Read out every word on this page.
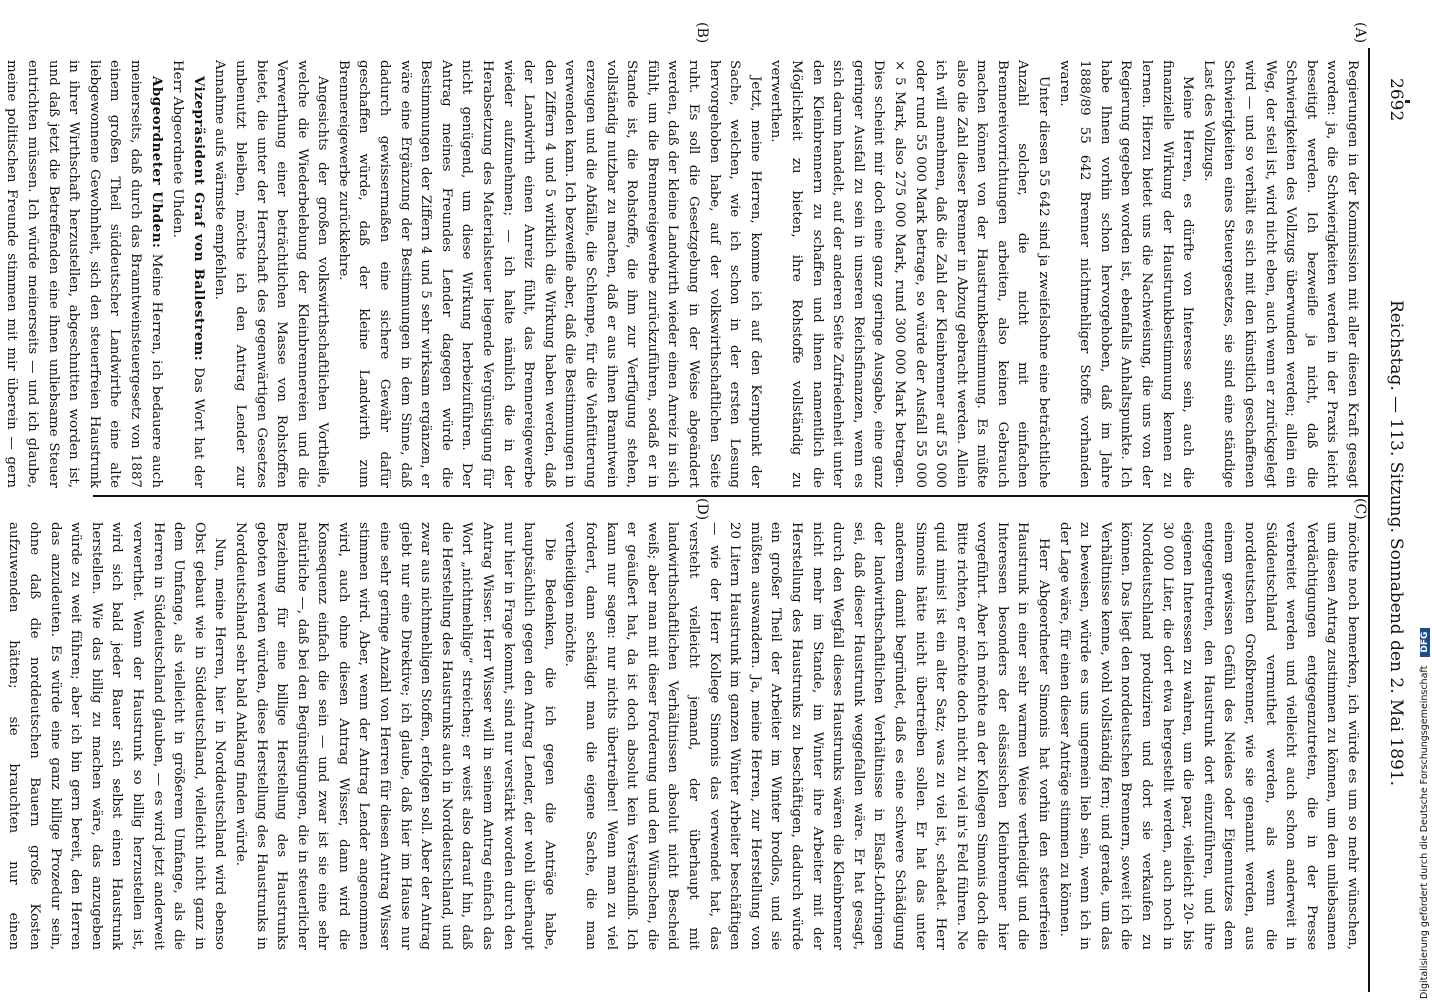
2692
Reichstag. — 113. Sitzung.
Sonnabend den 2. Mai 1891.
(A)
(B)
(C)
(D)

Regierungen in der Kommission mit aller diesen Kraft gesagt worden: ja, die Schwierigkeiten werden in der Praxis leicht beseitigt werden. Ich bezweifle ja nicht, daß die Schwierigkeiten des Vollzugs überwunden werden; allein ein Weg, der steil ist, wird nicht eben, auch wenn er zurückgelegt wird — und so verhält es sich mit den künstlich geschaffenen Schwierigkeiten eines Steuergesetzes, sie sind eine ständige Last des Vollzugs.

Meine Herren, es dürfte von Interesse sein, auch die finanzielle Wirkung der Haustrunkbestimmung kennen zu lernen. Hierzu bietet uns die Nachweisung, die uns von der Regierung gegeben worden ist, ebenfalls Anhaltspunkte. Ich habe Ihnen vorhin schon hervorgehoben, daß im Jahre 1888/89 55 642 Brenner nichtmehliger Stoffe vorhanden waren.

Unter diesen 55 642 sind ja zweifelsohne eine beträchtliche Anzahl solcher, die nicht mit einfachen Brennereivorrichtungen arbeiten, also keinen Gebrauch machen können von der Haustrunkbestimmung. Es müßte also die Zahl dieser Brenner in Abzug gebracht werden. Allein ich will annehmen, daß die Zahl der Kleinbrenner auf 55 000 oder rund 55 000 Mark betrage, so würde der Ausfall 55 000 × 5 Mark, also 275 000 Mark, rund 300 000 Mark betragen. Dies scheint mir doch eine ganz geringe Ausgabe, eine ganz geringer Ausfall zu sein in unseren Reichsfinanzen, wenn es sich darum handelt, auf der anderen Seite Zufriedenheit unter den Kleinbrennern zu schaffen und ihnen namentlich die Möglichkeit zu bieten, ihre Rohstoffe vollständig zu verwerthen.

Jetzt, meine Herren, komme ich auf den Kernpunkt der Sache, welchen, wie ich schon in der ersten Lesung hervorgehoben habe, auf der volkswirthschaftlichen Seite ruht. Es soll die Gesetzgebung in der Weise abgeändert werden, daß der kleine Landwirth wieder einen Anreiz in sich fühlt, um die Brennereigewerbe zurückzuführen, sodaß er in Stande ist, die Rohstoffe, die ihm zur Verfügung stehen, vollständig nutzbar zu machen, daß er aus ihnen Branntwein erzeugen und die Abfälle, die Schlempe, für die Viehfütterung verwenden kann. Ich bezweifle aber, daß die Bestimmungen in den Ziffern 4 und 5 wirklich die Wirkung haben werden, daß der Landwirth einen Anreiz fühlt, das Brennereigewerbe wieder aufzunehmen; — ich halte nämlich die in der Herabsetzung des Materialsteuer liegende Vergünstigung für nicht genügend, um diese Wirkung herbeizuführen. Der Antrag meines Freundes Lender dagegen würde die Bestimmungen der Ziffern 4 und 5 sehr wirksam ergänzen, er wäre eine Ergänzung der Bestimmungen in dem Sinne, daß dadurch gewissermaßen eine sichere Gewähr dafür geschaffen würde, daß der kleine Landwirth zum Brennereigewerbe zurückkehre.

Angesichts der großen volkswirthschaftlichen Vortheile, welche die Wiederbelebung der Kleinbrennereien und die Verwerthung einer beträchtlichen Masse von Rohstoffen bietet, die unter der Herrschaft des gegenwärtigen Gesetzes unbenutzt bleiben, möchte ich den Antrag Lender zur Annahme aufs wärmste empfehlen.

Vizepräsident Graf von Ballestrem: Das Wort hat der Herr Abgeordnete Uhden.

Abgeordneter Uhden: Meine Herren, ich bedauere auch meinerseits, daß durch das Branntweinsteuergesetz von 1887 einem großen Theil süddeutscher Landwirthe eine alte liebgewonnene Gewohnheit, sich den steuerfreien Haustrunk in ihrer Wirthschaft herzustellen, abgeschnitten worden ist, und daß jetzt die Betreffenden eine ihnen unliebsame Steuer entrichten müssen. Ich würde meinerseits — und ich glaube, meine politischen Freunde stimmen mit mir überein — gern

möchte noch bemerken, ich würde es um so mehr wünschen, um diesen Antrag zustimmen zu können, um den unliebsamen Verdächtigungen entgegenzutreten, die in der Presse verbreitet werden und vielleicht auch schon anderweit in Süddeutschland vermuthet werden, als wenn die norddeutschen Großbrenner, wie sie genannt werden, aus einem gewissen Gefühl des Neides oder Eigennutzes dem entgegentreten, den Haustrunk dort einzuführen, und ihre eigenen Interessen zu wahren, um die paar, vielleicht 20- bis 30 000 Liter, die dort etwa hergestellt werden, auch noch in Norddeutschland produziren und dort sie verkaufen zu können. Das liegt den norddeutschen Brennern, soweit ich die Verhältnisse kenne, wohl vollständig fern; und gerade, um das zu beweisen, würde es uns ungemein lieb sein, wenn ich in der Lage wäre, für einen dieser Anträge stimmen zu können.

Herr Abgeordneter Simonis hat vorhin den steuerfreien Haustrunk in einer sehr warmen Weise vertheidigt und die Interessen besonders der elsässischen Kleinbrenner hier vorgeführt. Aber ich möchte an der Kollegen Simonis doch die Bitte richten, er möchte doch nicht zu viel in's Feld führen. Ne quid nimis! ist ein alter Satz; was zu viel ist, schadet. Herr Simonis hätte nicht übertreiben sollen. Er hat das unter anderem damit begründet, daß es eine schwere Schädigung der landwirthschaftlichen Verhältnisse in Elsaß-Lothringen sei, daß dieser Haustrunk weggefallen wäre. Er hat gesagt, durch den Wegfall dieses Haustrunks wären die Kleinbrenner nicht mehr im Stande, im Winter ihre Arbeiter mit der Herstellung des Haustrunks zu beschäftigen, dadurch würde ein großer Theil der Arbeiter im Winter brodlos, und sie müßten auswandern. Ja, meine Herren, zur Herstellung von 20 Litern Haustrunk im ganzen Winter Arbeiter beschäftigen — wie der Herr Kollege Simonis das verwendet hat, das versteht vielleicht jemand, der überhaupt mit landwirthschaftlichen Verhältnissen absolut nicht Bescheid weiß; aber man mit dieser Forderung und den Wünschen, die er geäußert hat, da ist doch absolut kein Verständniß. Ich kann nur sagen: nur nichts übertreiben! Wenn man zu viel fordert, dann schädigt man die eigene Sache, die man vertheidigen möchte.

Die Bedenken, die ich gegen die Anträge habe, hauptsächlich gegen den Antrag Lender, der wohl überhaupt nur hier in Frage kommt, sind nur verstärkt worden durch den Antrag Wisser. Herr Wisser will in seinem Antrag einfach das Wort „nichtmehlige“ streichen; er weist also darauf hin, daß die Herstellung des Haustrunks auch in Norddeutschland, und zwar aus nichtmehligen Stoffen, erfolgen soll. Aber der Antrag giebt nur eine Direktive; ich glaube, daß hier im Hause nur eine sehr geringe Anzahl von Herren für diesen Antrag Wisser stimmen wird. Aber, wenn der Antrag Lender angenommen wird, auch ohne diesen Antrag Wisser, dann wird die Konsequenz einfach die sein — und zwar ist sie eine sehr natürliche —, daß bei den Begünstigungen, die in steuerlicher Beziehung für eine billige Herstellung des Haustrunks geboten werden würden, diese Herstellung des Haustrunks in Norddeutschland sehr bald Anklang finden würde.

Nun, meine Herren, hier in Norddeutschland wird ebenso Obst gebaut wie in Süddeutschland, vielleicht nicht ganz in dem Umfange, als vielleicht in größerem Umfange, als die Herren in Süddeutschland glauben, — es wird jetzt anderweit verwerthet. Wenn der Haustrunk so billig herzustellen ist, wird sich bald jeder Bauer sich selbst einen Haustrunk herstellen. Wie das billig zu machen wäre, das anzugeben würde zu weit führen; aber ich bin gern bereit, den Herren das anzudeuten. Es würde eine ganz billige Prozedur sein, ohne daß die norddeutschen Bauern große Kosten aufzuwenden hätten; sie brauchten nur einen	Digitalisierung gefördert durch die Deutsche Forschungsgemeinschaft DFG
